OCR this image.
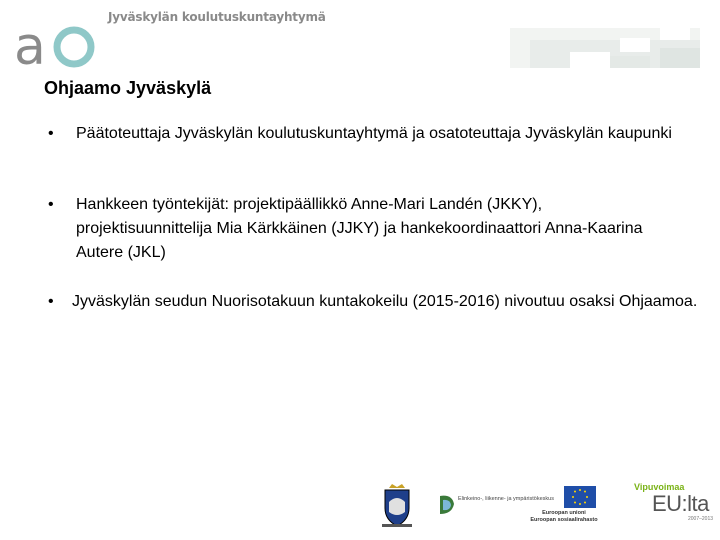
a	Jyväskylän koulutuskuntayhtymä
Ohjaamo Jyväskylä
•	Päätoteuttaja Jyväskylän koulutuskuntayhtymä ja osatoteuttaja Jyväskylän kaupunki
•	Hankkeen työntekijät: projektipäällikkö Anne-Mari Landén (JKKY), projektisuunnittelija Mia Kärkkäinen (JJKY) ja hankekoordinaattori Anna-Kaarina Autere (JKL)
•	Jyväskylän seudun Nuorisotakuun kuntakokeilu (2015-2016) nivoutuu osaksi Ohjaamoa.
Elinkeino-, liikenne- ja ympäristökeskus
Euroopan unioni
Euroopan sosiaalirahasto
Vipuvoimaa
EU:lta
2007–2013
